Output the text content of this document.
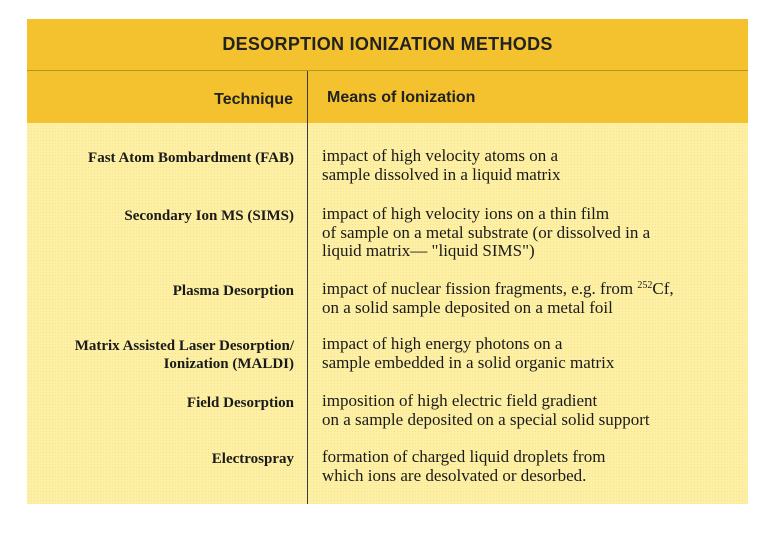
DESORPTION IONIZATION METHODS
Technique Means of Ionization
Fast Atom Bombardment (FAB) impact of high velocity atoms on a
sample dissolved in a liquid matrix
Secondary Ion MS (SIMS) impact of high velocity ions on a thin film
of sample on a metal substrate (or dissolved in a
liquid matrix— "liquid SIMS")
Plasma Desorption impact of nuclear fission fragments, e.g. from $^{252}$Cf,
on a solid sample deposited on a metal foil
Matrix Assisted Laser Desorption/
Ionization (MALDI)
impact of high energy photons on a
sample embedded in a solid organic matrix
Field Desorption imposition of high electric field gradient
on a sample deposited on a special solid support
Electrospray formation of charged liquid droplets from
which ions are desolvated or desorbed.
